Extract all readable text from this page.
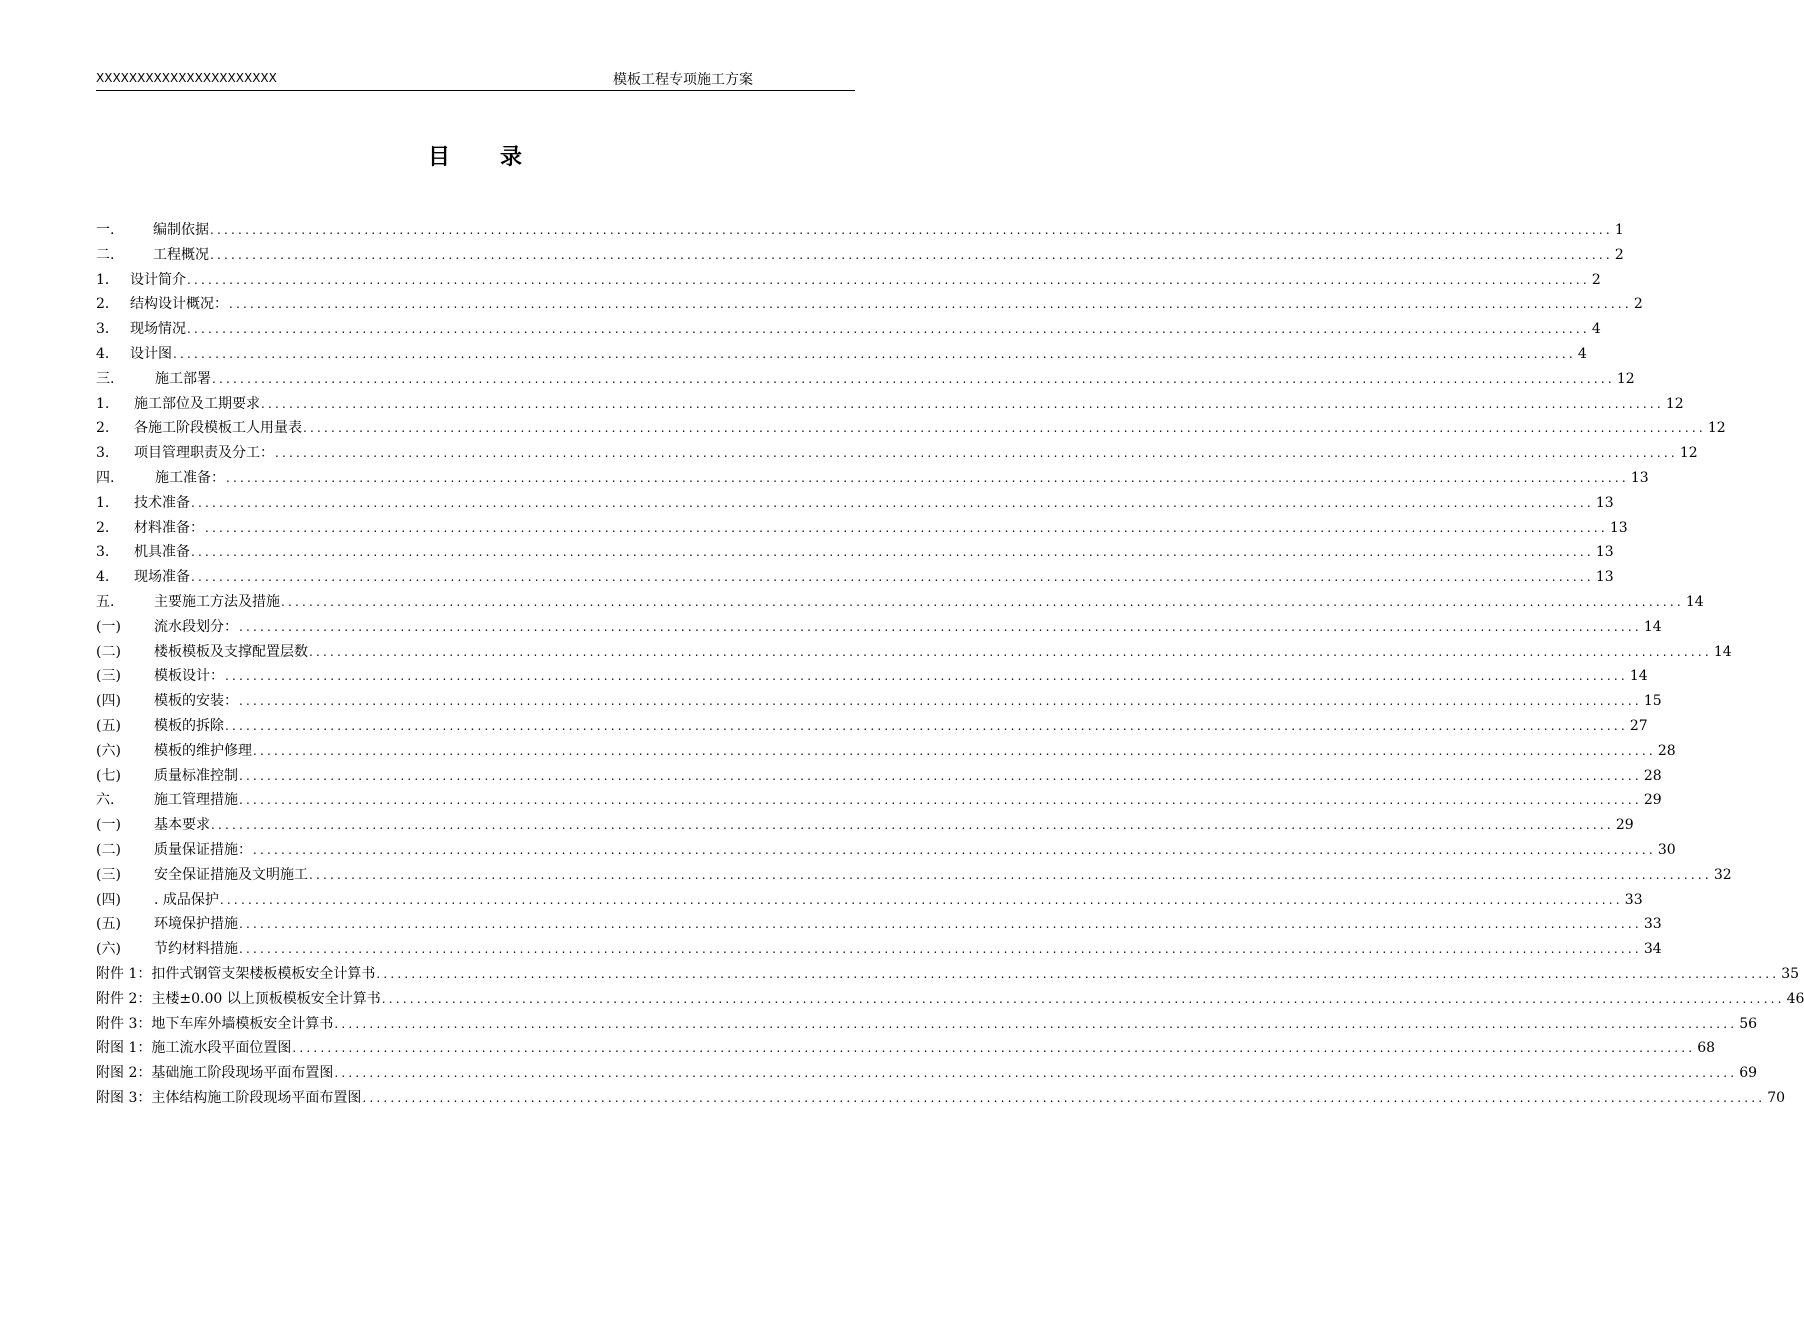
XXXXXXXXXXXXXXXXXXXXXX	模板工程专项施工方案
目录
一.	编制依据 ........................................................................................................................................................................................................ 1
二.	工程概况 ........................................................................................................................................................................................................ 2
1． 设计简介 ........................................................................................................................................................................................................ 2
2． 结构设计概况： ........................................................................................................................................................................................................ 2
3． 现场情况 ........................................................................................................................................................................................................ 4
4． 设计图 ........................................................................................................................................................................................................ 4
三.	施工部署 ........................................................................................................................................................................................................ 12
1.	施工部位及工期要求 ........................................................................................................................................................................................................ 12
2.	各施工阶段模板工人用量表 ........................................................................................................................................................................................................ 12
3.	项目管理职责及分工： ........................................................................................................................................................................................................ 12
四.	施工准备： ........................................................................................................................................................................................................ 13
1.	技术准备 ........................................................................................................................................................................................................ 13
2.	材料准备： ........................................................................................................................................................................................................ 13
3.	机具准备 ........................................................................................................................................................................................................ 13
4.	现场准备 ........................................................................................................................................................................................................ 13
五.	主要施工方法及措施 ........................................................................................................................................................................................................ 14
(一)	流水段划分： ........................................................................................................................................................................................................ 14
(二)	楼板模板及支撑配置层数 ........................................................................................................................................................................................................ 14
(三)	模板设计： ........................................................................................................................................................................................................ 14
(四)	模板的安装： ........................................................................................................................................................................................................ 15
(五)	模板的拆除 ........................................................................................................................................................................................................ 27
(六)	模板的维护修理 ........................................................................................................................................................................................................ 28
(七)	质量标准控制 ........................................................................................................................................................................................................ 28
六.	施工管理措施 ........................................................................................................................................................................................................ 29
(一)	基本要求 ........................................................................................................................................................................................................ 29
(二)	质量保证措施： ........................................................................................................................................................................................................ 30
(三)	安全保证措施及文明施工 ........................................................................................................................................................................................................ 32
(四)	. 成品保护 ........................................................................................................................................................................................................ 33
(五)	环境保护措施 ........................................................................................................................................................................................................ 33
(六)	节约材料措施 ........................................................................................................................................................................................................ 34
附件 1：扣件式钢管支架楼板模板安全计算书 ........................................................................................................................................................................................................ 35
附件 2：主楼±0.00 以上顶板模板安全计算书 ........................................................................................................................................................................................................ 46
附件 3：地下车库外墙模板安全计算书 ........................................................................................................................................................................................................ 56
附图 1：施工流水段平面位置图 ........................................................................................................................................................................................................ 68
附图 2：基础施工阶段现场平面布置图 ........................................................................................................................................................................................................ 69
附图 3：主体结构施工阶段现场平面布置图 ........................................................................................................................................................................................................ 70
